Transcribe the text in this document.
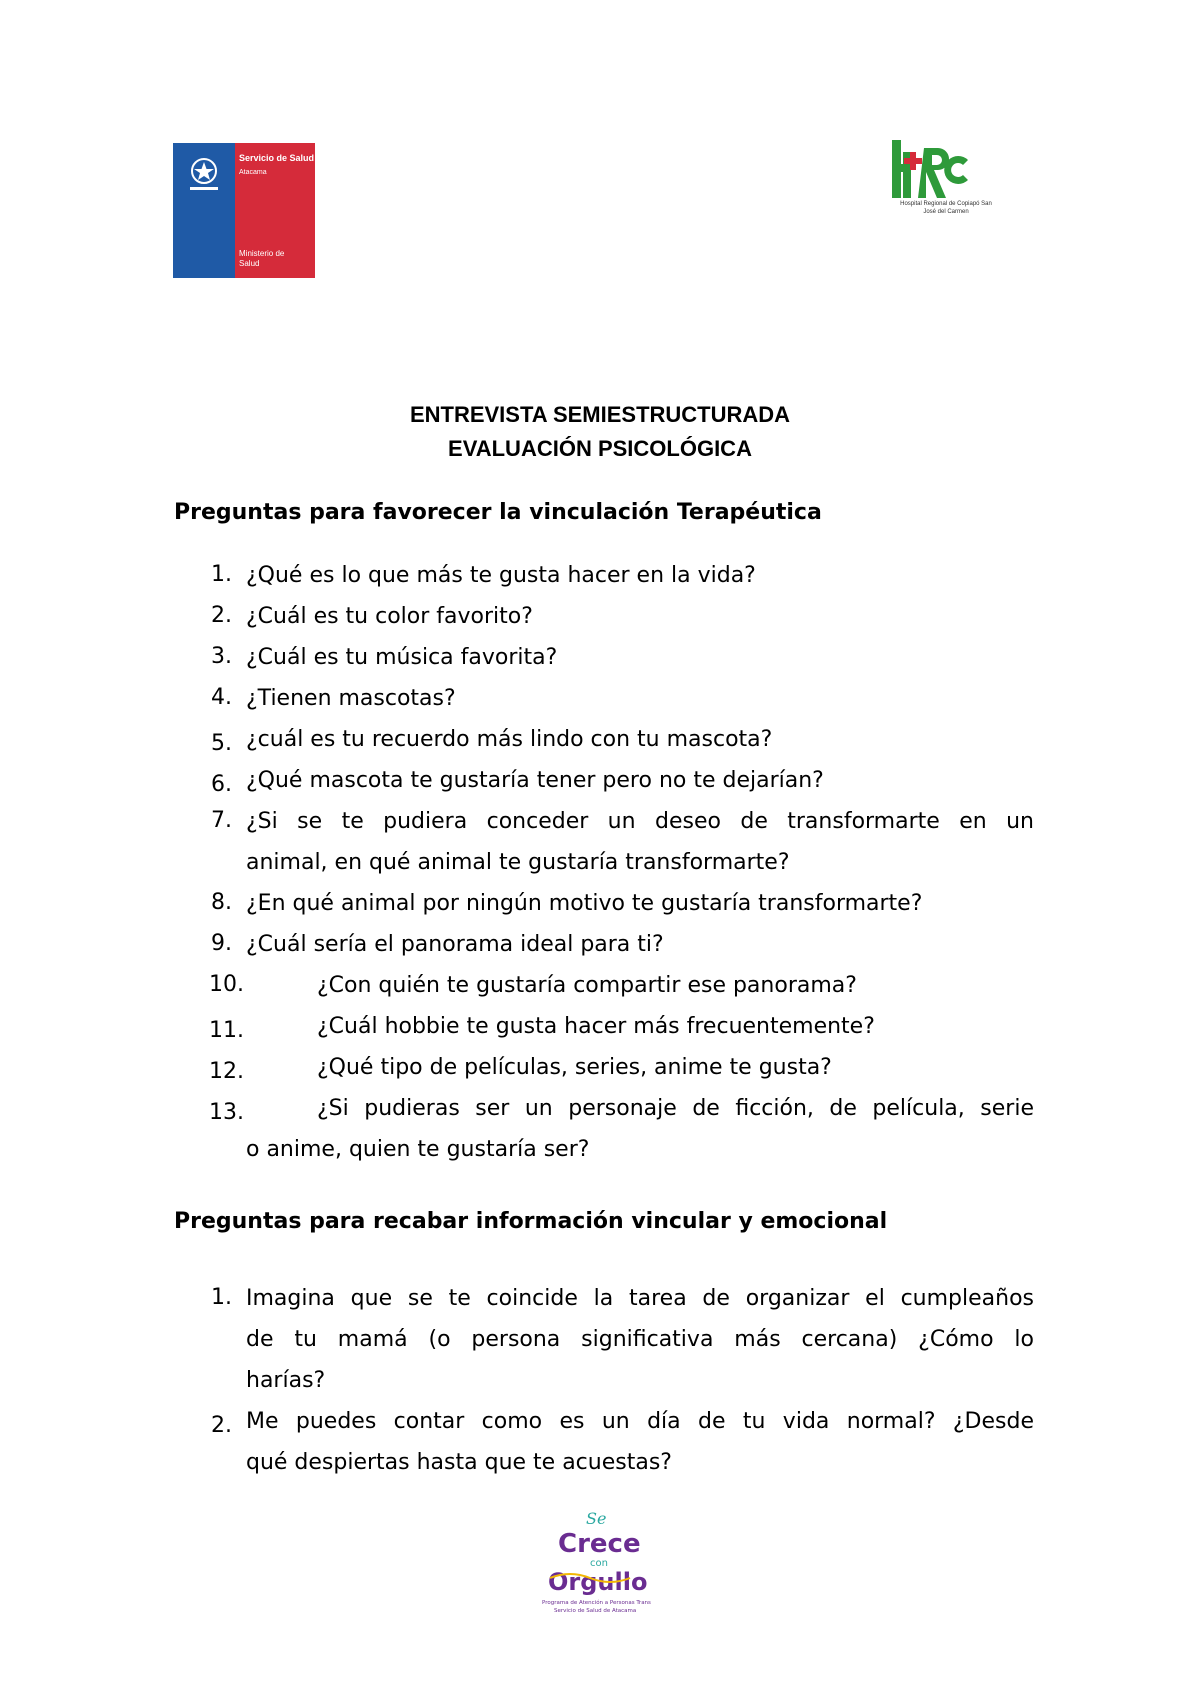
Servicio de Salud
Atacama
Ministerio de
Salud
Hospital Regional de Copiapó San José del Carmen
ENTREVISTA SEMIESTRUCTURADA
EVALUACIÓN PSICOLÓGICA
Preguntas para favorecer la vinculación Terapéutica
1. ¿Qué es lo que más te gusta hacer en la vida?
2. ¿Cuál es tu color favorito?
3. ¿Cuál es tu música favorita?
4. ¿Tienen mascotas?
5. ¿cuál es tu recuerdo más lindo con tu mascota?
6. ¿Qué mascota te gustaría tener pero no te dejarían?
7. ¿Si se te pudiera conceder un deseo de transformarte en un
animal, en qué animal te gustaría transformarte?
8. ¿En qué animal por ningún motivo te gustaría transformarte?
9. ¿Cuál sería el panorama ideal para ti?
10.	¿Con quién te gustaría compartir ese panorama?
11.	¿Cuál hobbie te gusta hacer más frecuentemente?
12.	¿Qué tipo de películas, series, anime te gusta?
13.	¿Si pudieras ser un personaje de ficción, de película, serie
o anime, quien te gustaría ser?
Preguntas para recabar información vincular y emocional
1. Imagina que se te coincide la tarea de organizar el cumpleaños
de tu mamá (o persona significativa más cercana) ¿Cómo lo
harías?
2. Me puedes contar como es un día de tu vida normal? ¿Desde
qué despiertas hasta que te acuestas?
Se
Crece
con
Orgullo
Programa de Atención a Personas Trans
Servicio de Salud de Atacama
